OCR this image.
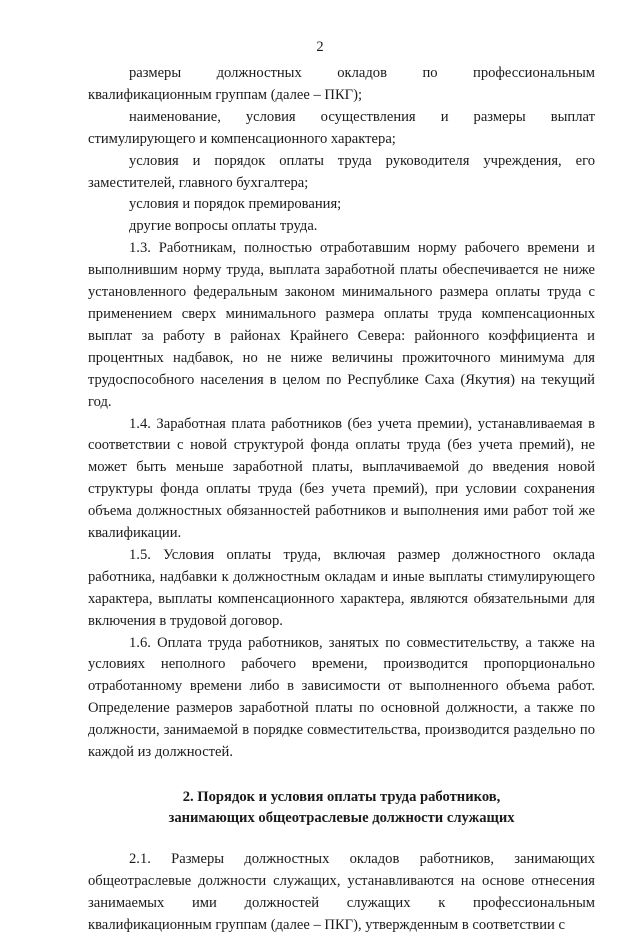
2

размеры должностных окладов по профессиональным квалификационным группам (далее – ПКГ);

наименование, условия осуществления и размеры выплат стимулирующего и компенсационного характера;

условия и порядок оплаты труда руководителя учреждения, его заместителей, главного бухгалтера;

условия и порядок премирования;

другие вопросы оплаты труда.

1.3. Работникам, полностью отработавшим норму рабочего времени и выполнившим норму труда, выплата заработной платы обеспечивается не ниже установленного федеральным законом минимального размера оплаты труда с применением сверх минимального размера оплаты труда компенсационных выплат за работу в районах Крайнего Севера: районного коэффициента и процентных надбавок, но не ниже величины прожиточного минимума для трудоспособного населения в целом по Республике Саха (Якутия) на текущий год.

1.4. Заработная плата работников (без учета премии), устанавливаемая в соответствии с новой структурой фонда оплаты труда (без учета премий), не может быть меньше заработной платы, выплачиваемой до введения новой структуры фонда оплаты труда (без учета премий), при условии сохранения объема должностных обязанностей работников и выполнения ими работ той же квалификации.

1.5. Условия оплаты труда, включая размер должностного оклада работника, надбавки к должностным окладам и иные выплаты стимулирующего характера, выплаты компенсационного характера, являются обязательными для включения в трудовой договор.

1.6. Оплата труда работников, занятых по совместительству, а также на условиях неполного рабочего времени, производится пропорционально отработанному времени либо в зависимости от выполненного объема работ. Определение размеров заработной платы по основной должности, а также по должности, занимаемой в порядке совместительства, производится раздельно по каждой из должностей.

2. Порядок и условия оплаты труда работников,
занимающих общеотраслевые должности служащих

2.1. Размеры должностных окладов работников, занимающих общеотраслевые должности служащих, устанавливаются на основе отнесения занимаемых ими должностей служащих к профессиональным квалификационным группам (далее – ПКГ), утвержденным в соответствии с
